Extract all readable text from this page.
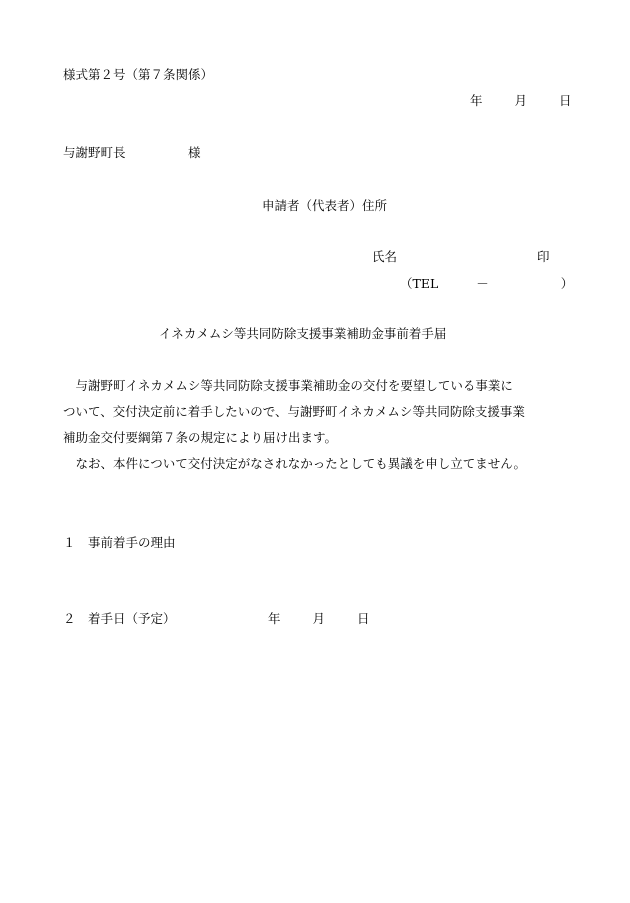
様式第２号（第７条関係）
年	月	日
与謝野町長　　　　　様
申請者（代表者）住所
氏名	印
（TEL	－	）
イネカメムシ等共同防除支援事業補助金事前着手届
　与謝野町イネカメムシ等共同防除支援事業補助金の交付を要望している事業に
ついて、交付決定前に着手したいので、与謝野町イネカメムシ等共同防除支援事業
補助金交付要綱第７条の規定により届け出ます。
　なお、本件について交付決定がなされなかったとしても異議を申し立てません。
１　事前着手の理由
２　着手日（予定）	年	月	日
